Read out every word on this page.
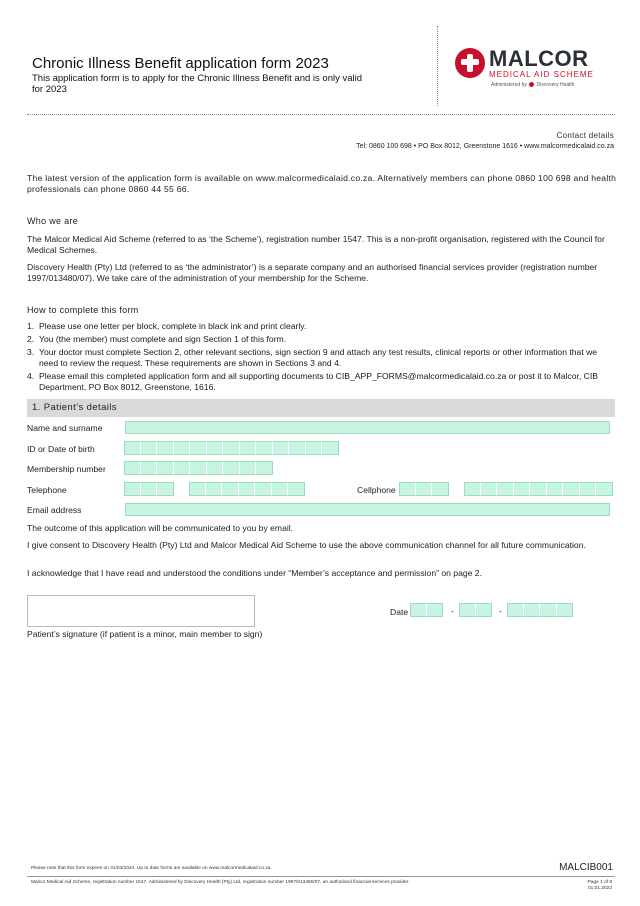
Chronic Illness Benefit application form 2023
This application form is to apply for the Chronic Illness Benefit and is only valid for 2023
MALCOR
MEDICAL AID SCHEME
Administered by Discovery Health
Contact details
Tel: 0860 100 698 • PO Box 8012, Greenstone 1616 • www.malcormedicalaid.co.za

The latest version of the application form is available on www.malcormedicalaid.co.za. Alternatively members can phone 0860 100 698 and health professionals can phone 0860 44 55 66.

Who we are

The Malcor Medical Aid Scheme (referred to as ‘the Scheme’), registration number 1547. This is a non-profit organisation, registered with the Council for Medical Schemes.

Discovery Health (Pty) Ltd (referred to as ‘the administrator’) is a separate company and an authorised financial services provider (registration number 1997/013480/07). We take care of the administration of your membership for the Scheme.

How to complete this form
1. Please use one letter per block, complete in black ink and print clearly.
2. You (the member) must complete and sign Section 1 of this form.
3. Your doctor must complete Section 2, other relevant sections, sign section 9 and attach any test results, clinical reports or other information that we need to review the request. These requirements are shown in Sections 3 and 4.
4. Please email this completed application form and all supporting documents to CIB_APP_FORMS@malcormedicalaid.co.za or post it to Malcor, CIB Department, PO Box 8012, Greenstone, 1616.
1. Patient’s details
Name and surname
ID or Date of birth
Membership number
Telephone	Cellphone
Email address

The outcome of this application will be communicated to you by email.

I give consent to Discovery Health (Pty) Ltd and Malcor Medical Aid Scheme to use the above communication channel for all future communication.

I acknowledge that I have read and understood the conditions under “Member’s acceptance and permission” on page 2.

Patient’s signature (if patient is a minor, main member to sign)
Date	-	-
Please note that this form expires on 31/03/2024. Up to date forms are available on www.malcormedicalaid.co.za.	MALCIB001
Malcor Medical Aid Scheme, registration number 1547. Administered by Discovery Health (Pty) Ltd, registration number 1997/013480/07, an authorised financial services provider.	Page 1 of 8
01.01.2023
